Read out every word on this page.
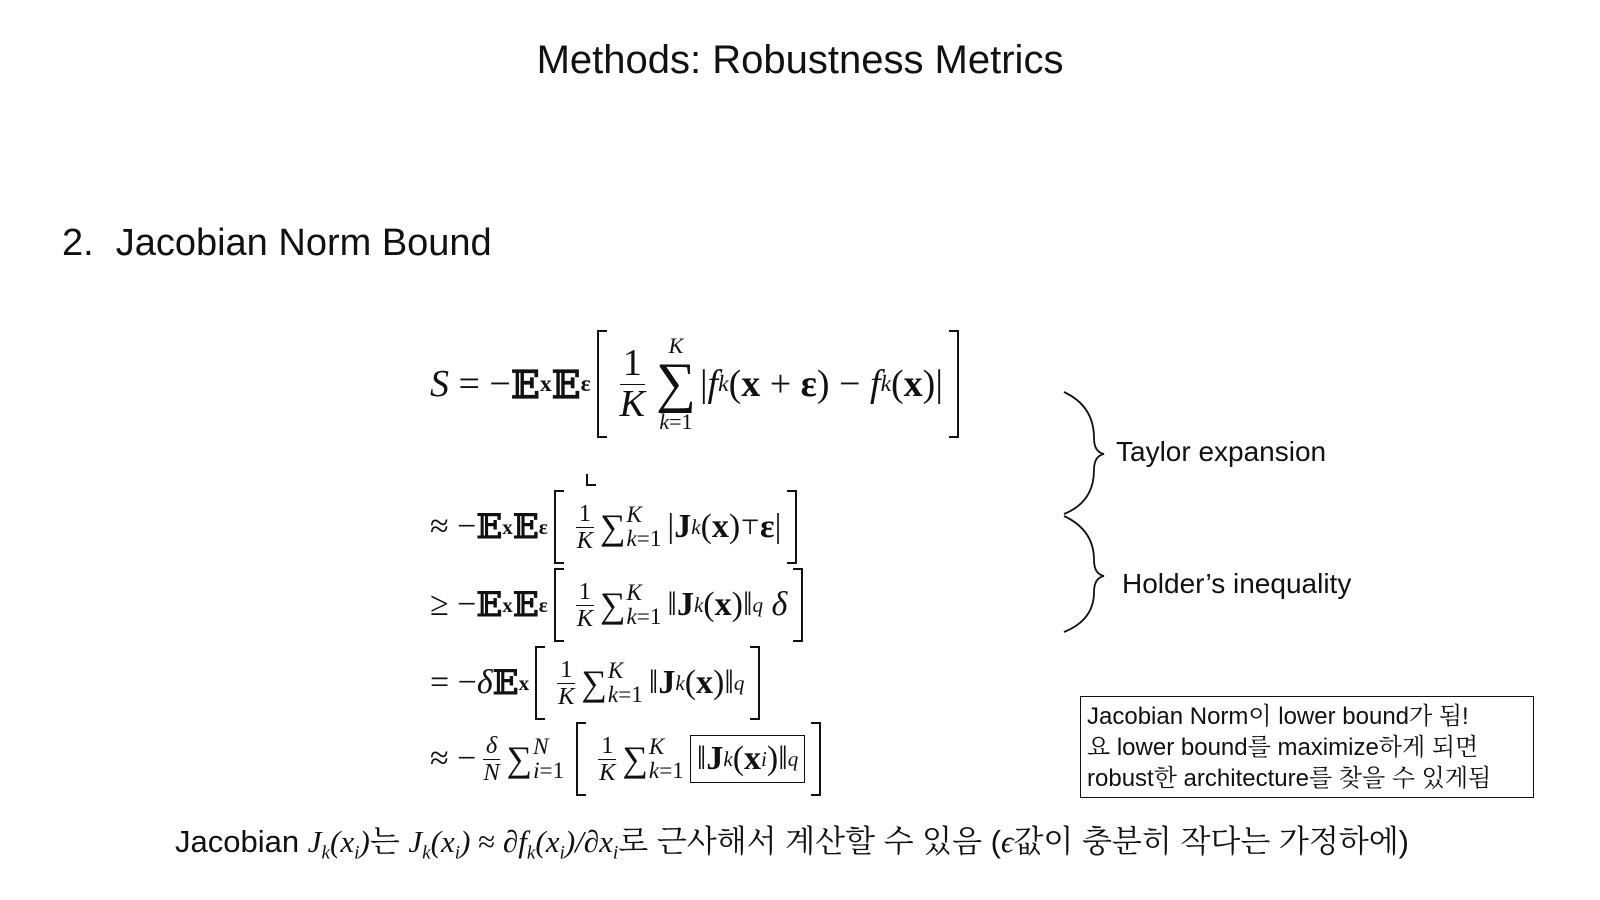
Methods: Robustness Metrics
2. Jacobian Norm Bound
S = − 𝔼 x 𝔼 ε $\frac{1}{K}$ K
∑
k=1
| f k ( x + ε ) − f k ( x )|
≈ − 𝔼 x 𝔼 ε $\frac{1}{K}$ ∑ K
k=1 | J k ( x ) ⊤ ε |
≥ − 𝔼 x 𝔼 ε $\frac{1}{K}$ ∑ K
k=1 ‖ J k ( x )‖ q
δ
= − δ 𝔼 x $\frac{1}{K}$ ∑ K
k=1 ‖ J k ( x )‖ q
≈ − $\frac{\delta}{N}$ ∑ N
$i=1 \frac{1}{K}$ ∑ K
k=1 ‖ J k ( x i )‖ q
Taylor expansion
Holder’s inequality
Jacobian Norm이 lower bound가 됨!
요 lower bound를 maximize하게 되면
robust한 architecture를 찾을 수 있게됨
Jacobian $J_k(x_i)$는 $J_k(x_i) \approx \partial f_k(x_i)/\partial x_i$로 근사해서 계산할 수 있음 (ϵ값이 충분히 작다는 가정하에)
